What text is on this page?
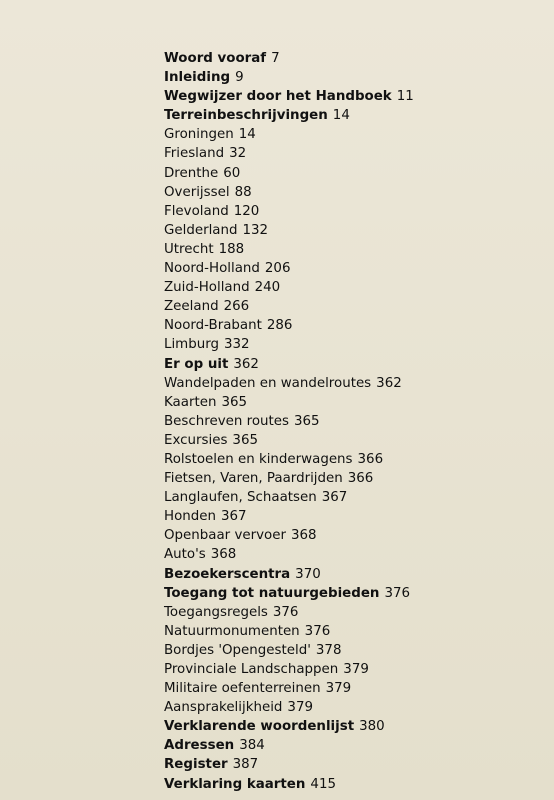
Woord vooraf 7
Inleiding 9
Wegwijzer door het Handboek 11
Terreinbeschrijvingen 14
Groningen 14
Friesland 32
Drenthe 60
Overijssel 88
Flevoland 120
Gelderland 132
Utrecht 188
Noord-Holland 206
Zuid-Holland 240
Zeeland 266
Noord-Brabant 286
Limburg 332
Er op uit 362
Wandelpaden en wandelroutes 362
Kaarten 365
Beschreven routes 365
Excursies 365
Rolstoelen en kinderwagens 366
Fietsen, Varen, Paardrijden 366
Langlaufen, Schaatsen 367
Honden 367
Openbaar vervoer 368
Auto's 368
Bezoekerscentra 370
Toegang tot natuurgebieden 376
Toegangsregels 376
Natuurmonumenten 376
Bordjes 'Opengesteld' 378
Provinciale Landschappen 379
Militaire oefenterreinen 379
Aansprakelijkheid 379
Verklarende woordenlijst 380
Adressen 384
Register 387
Verklaring kaarten 415
